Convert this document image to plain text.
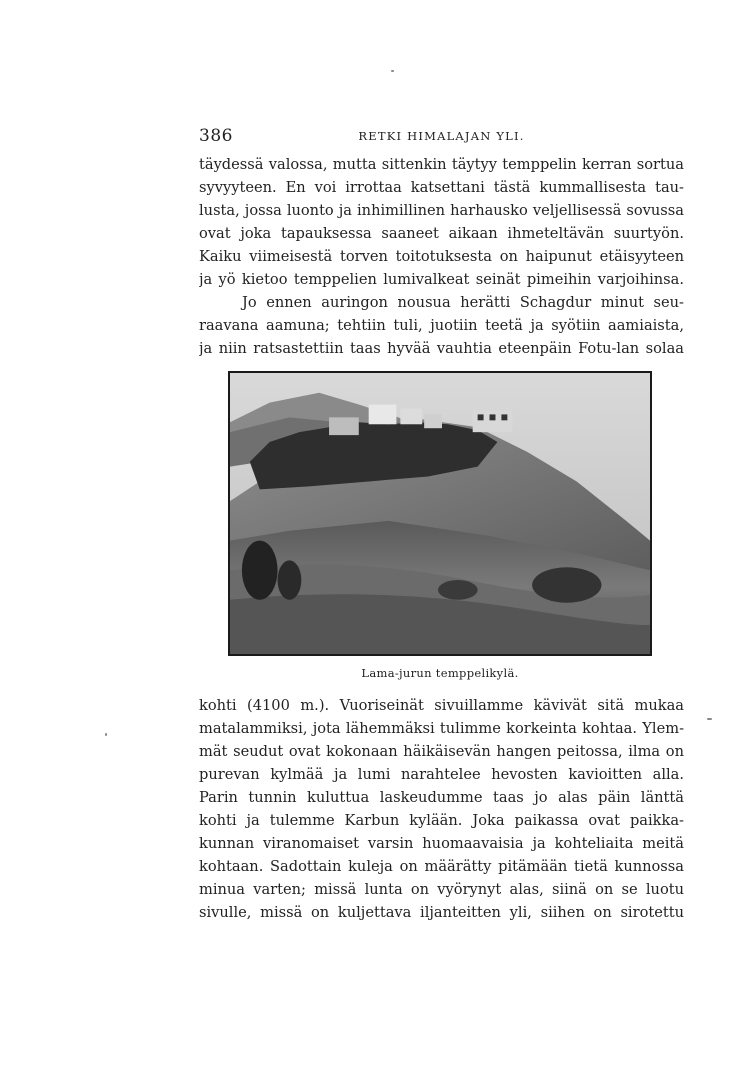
386	RETKI HIMALAJAN YLI.
täydessä valossa, mutta sittenkin täytyy temppelin kerran sortua
syvyyteen. En voi irrottaa katsettani tästä kummallisesta tau-
lusta, jossa luonto ja inhimillinen harhausko veljellisessä sovussa
ovat joka tapauksessa saaneet aikaan ihmeteltävän suurtyön.
Kaiku viimeisestä torven toitotuksesta on haipunut etäisyyteen
ja yö kietoo temppelien lumivalkeat seinät pimeihin varjoihinsa.
Jo ennen auringon nousua herätti Schagdur minut seu-
raavana aamuna; tehtiin tuli, juotiin teetä ja syötiin aamiaista,
ja niin ratsastettiin taas hyvää vauhtia eteenpäin Fotu-lan solaa
Lama-jurun temppelikylä.
kohti (4100 m.). Vuoriseinät sivuillamme kävivät sitä mukaa
matalammiksi, jota lähemmäksi tulimme korkeinta kohtaa. Ylem-
mät seudut ovat kokonaan häikäisevän hangen peitossa, ilma on
purevan kylmää ja lumi narahtelee hevosten kavioitten alla.
Parin tunnin kuluttua laskeudumme taas jo alas päin länttä
kohti ja tulemme Karbun kylään. Joka paikassa ovat paikka-
kunnan viranomaiset varsin huomaavaisia ja kohteliaita meitä
kohtaan. Sadottain kuleja on määrätty pitämään tietä kunnossa
minua varten; missä lunta on vyörynyt alas, siinä on se luotu
sivulle, missä on kuljettava iljanteitten yli, siihen on sirotettu
